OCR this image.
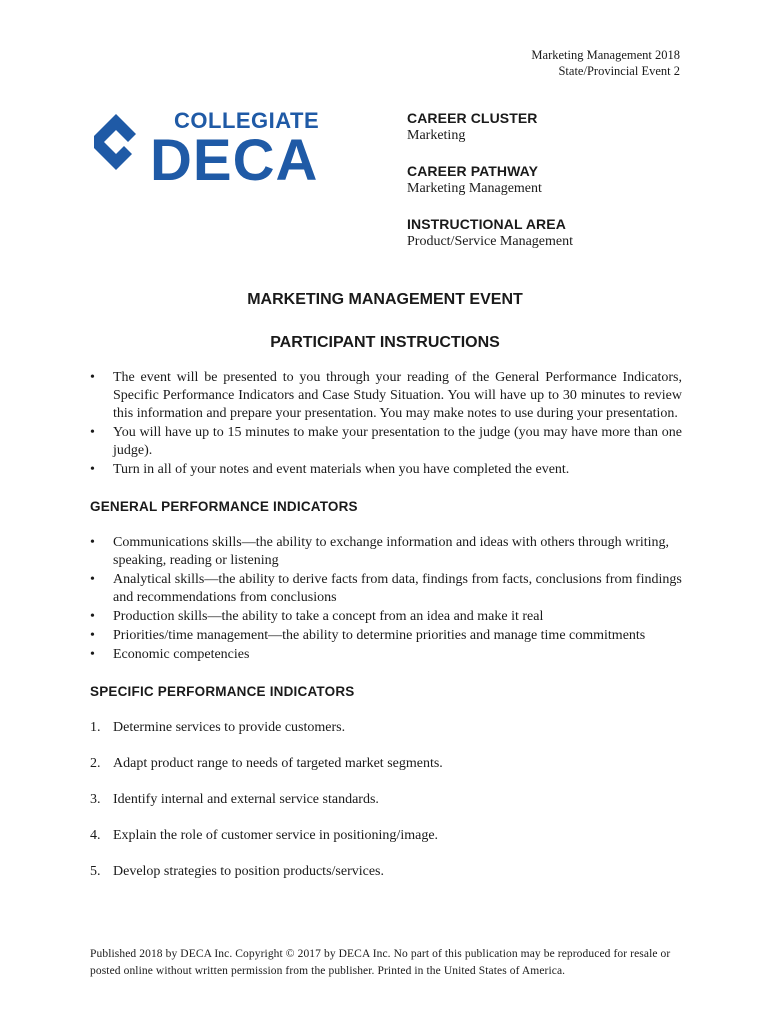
Marketing Management 2018
State/Provincial Event 2
COLLEGIATE
DECA
CAREER CLUSTER
Marketing
CAREER PATHWAY
Marketing Management
INSTRUCTIONAL AREA
Product/Service Management
MARKETING MANAGEMENT EVENT
PARTICIPANT INSTRUCTIONS
• The event will be presented to you through your reading of the General Performance Indicators, Specific Performance Indicators and Case Study Situation. You will have up to 30 minutes to review this information and prepare your presentation. You may make notes to use during your presentation.
• You will have up to 15 minutes to make your presentation to the judge (you may have more than one judge).
• Turn in all of your notes and event materials when you have completed the event.
GENERAL PERFORMANCE INDICATORS
• Communications skills—the ability to exchange information and ideas with others through writing, speaking, reading or listening
• Analytical skills—the ability to derive facts from data, findings from facts, conclusions from findings and recommendations from conclusions
• Production skills—the ability to take a concept from an idea and make it real
• Priorities/time management—the ability to determine priorities and manage time commitments
• Economic competencies
SPECIFIC PERFORMANCE INDICATORS
1. Determine services to provide customers.
2. Adapt product range to needs of targeted market segments.
3. Identify internal and external service standards.
4. Explain the role of customer service in positioning/image.
5. Develop strategies to position products/services.
Published 2018 by DECA Inc. Copyright © 2017 by DECA Inc. No part of this publication may be reproduced for resale or posted online without written permission from the publisher. Printed in the United States of America.
